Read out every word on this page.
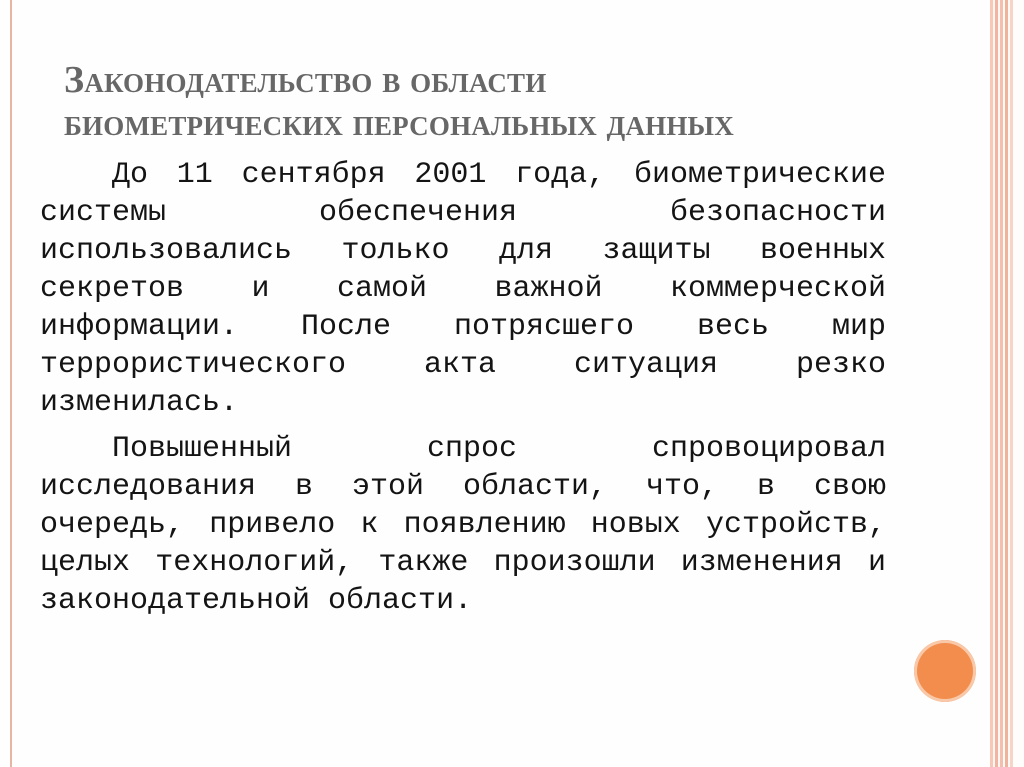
Законодательство в области
биометрических персональных данных

До 11 сентября 2001 года, биометрические системы обеспечения безопасности использовались только для защиты военных секретов и самой важной коммерческой информации. После потрясшего весь мир террористического акта ситуация резко изменилась.

Повышенный спрос спровоцировал исследования в этой области, что, в свою очередь, привело к появлению новых устройств, целых технологий, также произошли изменения и законодательной области.
